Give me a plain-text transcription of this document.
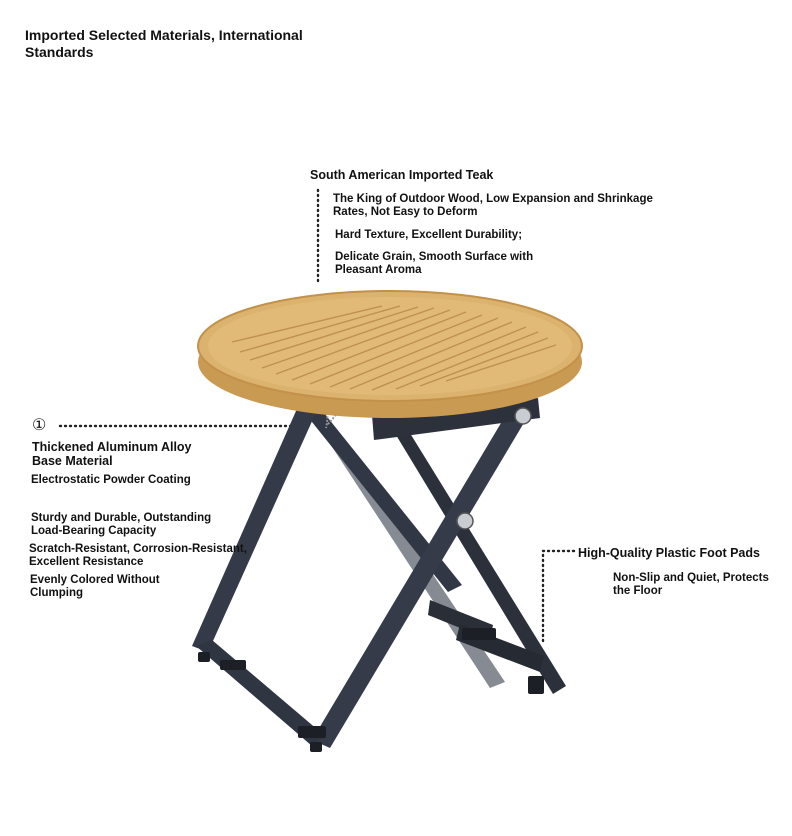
Imported Selected Materials, International Standards
South American Imported Teak
The King of Outdoor Wood, Low Expansion and Shrinkage Rates, Not Easy to Deform
Hard Texture, Excellent Durability;
Delicate Grain, Smooth Surface with Pleasant Aroma
①
Thickened Aluminum Alloy Base Material
Electrostatic Powder Coating
Sturdy and Durable, Outstanding Load-Bearing Capacity
Scratch-Resistant, Corrosion-Resistant, Excellent Resistance
Evenly Colored Without Clumping
High-Quality Plastic Foot Pads
Non-Slip and Quiet, Protects the Floor
